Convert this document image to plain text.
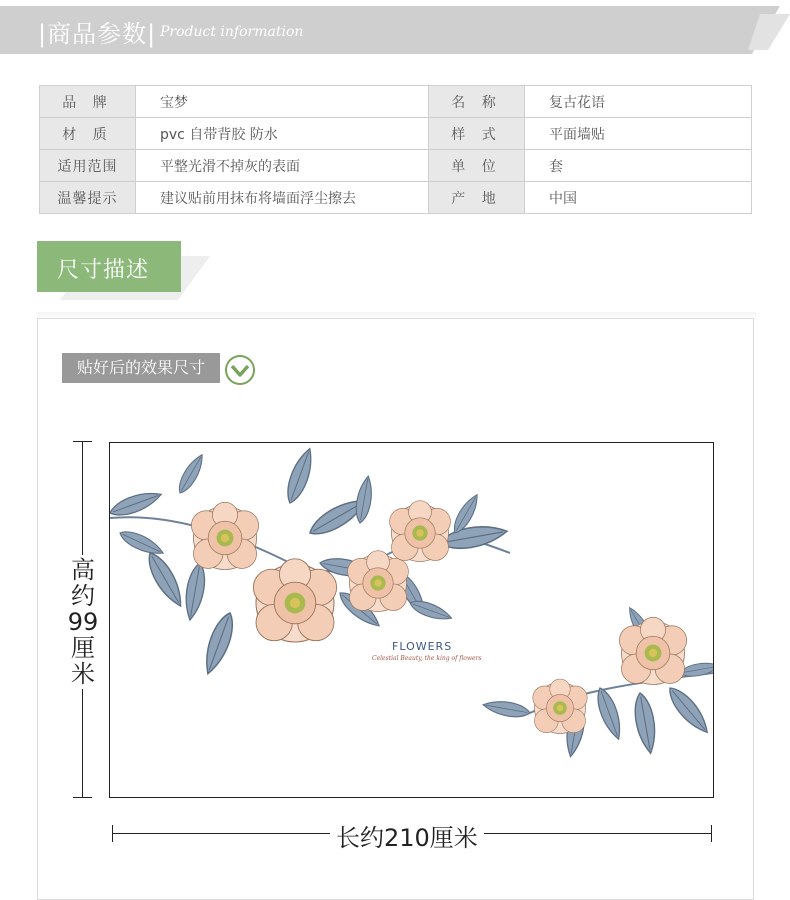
|商品参数| Product information
品 牌	宝梦	名 称	复古花语
材 质	pvc 自带背胶 防水	样 式	平面墙贴
适用范围	平整光滑不掉灰的表面	单 位	套
温馨提示	建议贴前用抹布将墙面浮尘擦去	产 地	中国
尺寸描述
贴好后的效果尺寸
FLOWERS
Celestial Beauty, the king of flowers
高约99厘米
长约210厘米
